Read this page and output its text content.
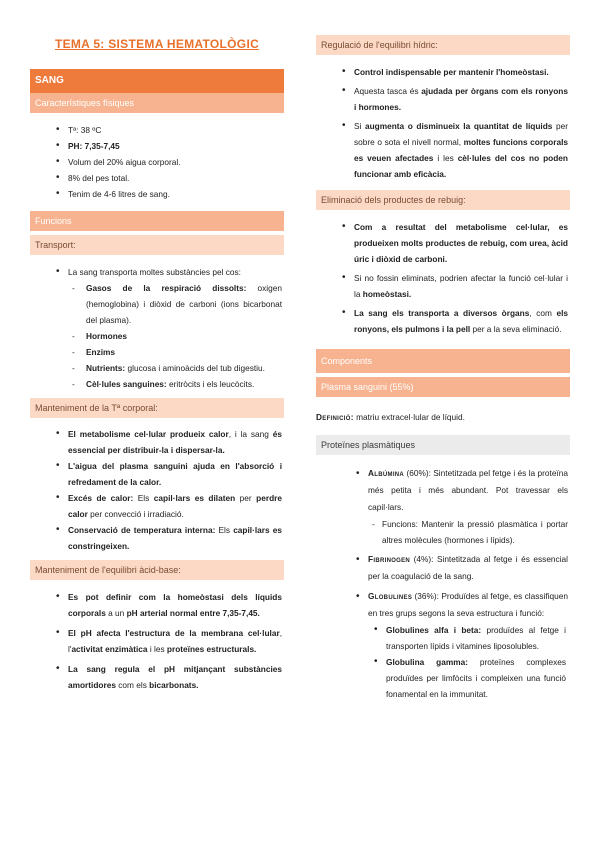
TEMA 5: SISTEMA HEMATOLÒGIC
SANG
Característiques físiques
• Tª: 38 ºC
• PH: 7,35-7,45
• Volum del 20% aigua corporal.
• 8% del pes total.
• Tenim de 4-6 litres de sang.
Funcions
Transport:
• La sang transporta moltes substàncies pel cos:
- Gasos de la respiració dissolts: oxigen (hemoglobina) i diòxid de carboni (ions bicarbonat del plasma).
- Hormones
- Enzims
- Nutrients: glucosa i aminoàcids del tub digestiu.
- Cèl·lules sanguines: eritròcits i els leucòcits.
Manteniment de la Tª corporal:
• El metabolisme cel·lular produeix calor, i la sang és essencial per distribuir-la i dispersar-la.
• L'aigua del plasma sanguini ajuda en l'absorció i refredament de la calor.
• Excés de calor: Els capil·lars es dilaten per perdre calor per convecció i irradiació.
• Conservació de temperatura interna: Els capil·lars es constringeixen.
Manteniment de l'equilibri àcid-base:
• Es pot definir com la homeòstasi dels líquids corporals a un pH arterial normal entre 7,35-7,45.
• El pH afecta l'estructura de la membrana cel·lular, l'activitat enzimàtica i les proteïnes estructurals.
• La sang regula el pH mitjançant substàncies amortidores com els bicarbonats.
Regulació de l'equilibri hídric:
• Control indispensable per mantenir l'homeòstasi.
• Aquesta tasca és ajudada per òrgans com els ronyons i hormones.
• Si augmenta o disminueix la quantitat de líquids per sobre o sota el nivell normal, moltes funcions corporals es veuen afectades i les cèl·lules del cos no poden funcionar amb eficàcia.
Eliminació dels productes de rebuig:
• Com a resultat del metabolisme cel·lular, es produeixen molts productes de rebuig, com urea, àcid úric i diòxid de carboni.
• Si no fossin eliminats, podrien afectar la funció cel·lular i la homeòstasi.
• La sang els transporta a diversos òrgans, com els ronyons, els pulmons i la pell per a la seva eliminació.
Components
Plasma sanguini (55%)
Definició: matriu extracel·lular de líquid.
Proteïnes plasmàtiques
• Albúmina (60%): Sintetitzada pel fetge i és la proteïna més petita i més abundant. Pot travessar els capil·lars.
- Funcions: Mantenir la pressió plasmàtica i portar altres molècules (hormones i lípids).
• Fibrinogen (4%): Sintetitzada al fetge i és essencial per la coagulació de la sang.
• Globulines (36%): Produïdes al fetge, es classifiquen en tres grups segons la seva estructura i funció:
• Globulines alfa i beta: produïdes al fetge i transporten lípids i vitamines liposolubles.
• Globulina gamma: proteïnes complexes produïdes per limfòcits i compleixen una funció fonamental en la immunitat.
